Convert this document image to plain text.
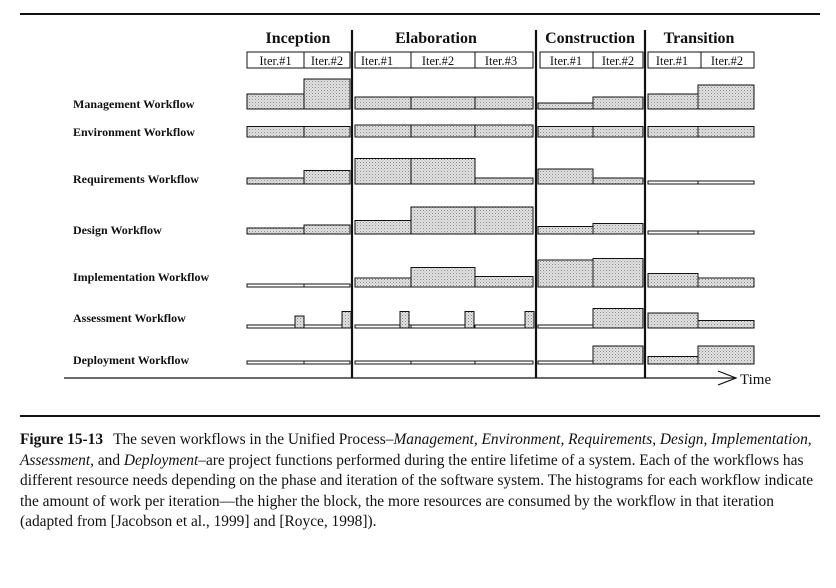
Inception	Elaboration	Construction Transition
Iter.#1 Iter.#2 Iter.#1 Iter.#2 Iter.#3	Iter.#1 Iter.#2 Iter.#1 Iter.#2
Management Workflow
Environment Workflow
Requirements Workflow
Design Workflow
Implementation Workflow
Assessment Workflow
Deployment Workflow
Time
Figure 15-13 The seven workflows in the Unified Process–Management, Environment, Requirements, Design, Implementation, Assessment, and Deployment–are project functions performed during the entire lifetime of a system. Each of the workflows has different resource needs depending on the phase and iteration of the software system. The histograms for each workflow indicate the amount of work per iteration—the higher the block, the more resources are consumed by the workflow in that iteration (adapted from [Jacobson et al., 1999] and [Royce, 1998]).
